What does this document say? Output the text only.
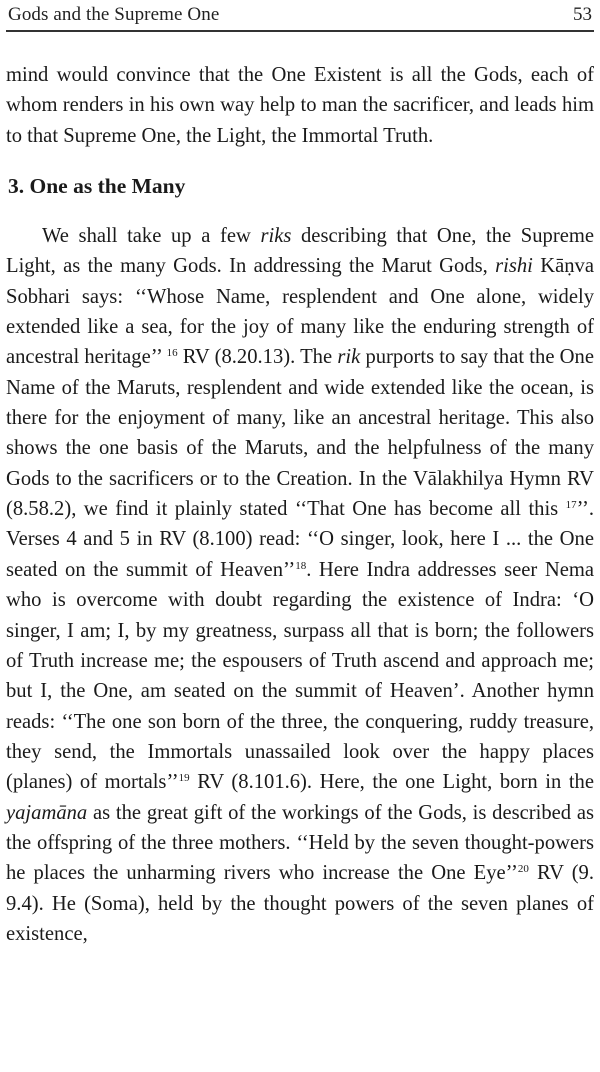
Gods and the Supreme One	53

mind would convince that the One Existent is all the Gods, each of whom renders in his own way help to man the sacrificer, and leads him to that Supreme One, the Light, the Immortal Truth.

3. One as the Many

We shall take up a few riks describing that One, the Supreme Light, as the many Gods. In addressing the Marut Gods, rishi Kāṇva Sobhari says: ‘‘Whose Name, resplendent and One alone, widely extended like a sea, for the joy of many like the enduring strength of ancestral heritage’’ $^{16}$ RV (8.20.13). The rik purports to say that the One Name of the Maruts, resplendent and wide extended like the ocean, is there for the enjoyment of many, like an ancestral heritage. This also shows the one basis of the Maruts, and the helpfulness of the many Gods to the sacrificers or to the Creation. In the Vālakhilya Hymn RV (8.58.2), we find it plainly stated ‘‘That One has become all this $^{17}$’’. Verses 4 and 5 in RV (8.100) read: ‘‘O singer, look, here I ... the One seated on the summit of Heaven’’$^{18}$. Here Indra addresses seer Nema who is overcome with doubt regarding the existence of Indra: ‘O singer, I am; I, by my greatness, surpass all that is born; the followers of Truth increase me; the espousers of Truth ascend and approach me; but I, the One, am seated on the summit of Heaven’. Another hymn reads: ‘‘The one son born of the three, the conquering, ruddy treasure, they send, the Immortals unassailed look over the happy places (planes) of mortals’’$^{19}$ RV (8.101.6). Here, the one Light, born in the yajamāna as the great gift of the workings of the Gods, is described as the offspring of the three mothers. ‘‘Held by the seven thought-powers he places the unharming rivers who increase the One Eye’’$^{20}$ RV (9. 9.4). He (Soma), held by the thought powers of the seven planes of existence,
